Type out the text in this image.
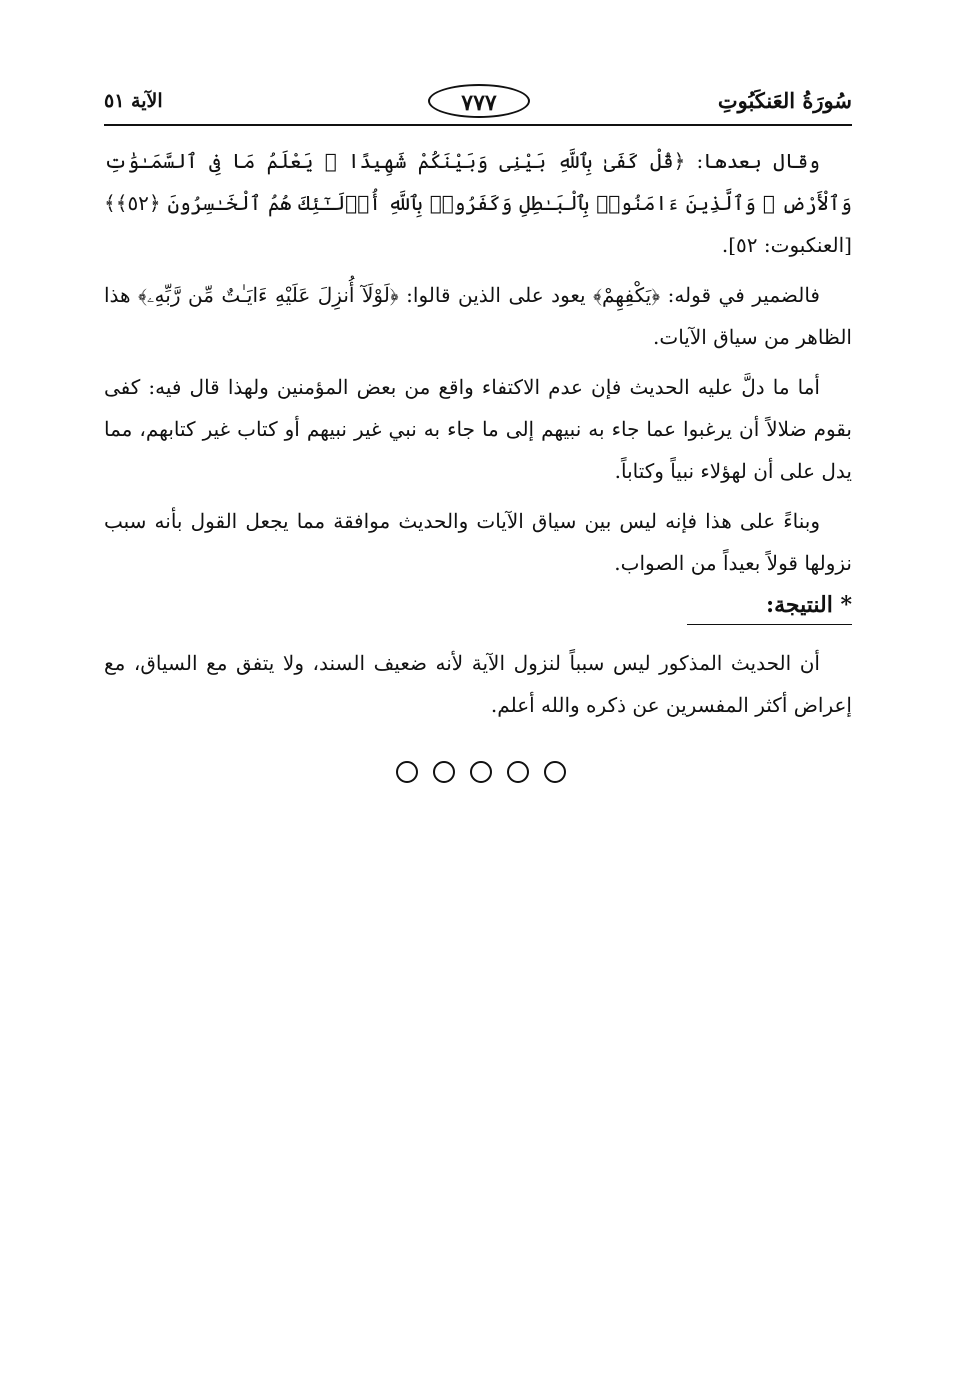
الآية ٥١	٧٧٧	سُورَةُ العَنكَبُوتِ

وقال بعدها: ﴿قُلْ كَفَىٰ بِٱللَّهِ بَيْنِى وَبَيْنَكُمْ شَهِيدًا ۖ يَعْلَمُ مَا فِى ٱلسَّمَـٰوَٰتِ وَٱلْأَرْضِ ۗ وَٱلَّذِينَ ءَامَنُوا۟ بِٱلْبَـٰطِلِ وَكَفَرُوا۟ بِٱللَّهِ أُو۟لَـٰٓئِكَ هُمُ ٱلْخَـٰسِرُونَ ﴿٥٢﴾﴾ [العنكبوت: ٥٢].

فالضمير في قوله: ﴿يَكْفِهِمْ﴾ يعود على الذين قالوا: ﴿لَوْلَآ أُنزِلَ عَلَيْهِ ءَايَـٰتٌ مِّن رَّبِّهِۦ﴾ هذا الظاهر من سياق الآيات.

أما ما دلَّ عليه الحديث فإن عدم الاكتفاء واقع من بعض المؤمنين ولهذا قال فيه: كفى بقوم ضلالاً أن يرغبوا عما جاء به نبيهم إلى ما جاء به نبي غير نبيهم أو كتاب غير كتابهم، مما يدل على أن لهؤلاء نبياً وكتاباً.

وبناءً على هذا فإنه ليس بين سياق الآيات والحديث موافقة مما يجعل القول بأنه سبب نزولها قولاً بعيداً من الصواب.

* النتيجة:

أن الحديث المذكور ليس سبباً لنزول الآية لأنه ضعيف السند، ولا يتفق مع السياق، مع إعراض أكثر المفسرين عن ذكره والله أعلم.
